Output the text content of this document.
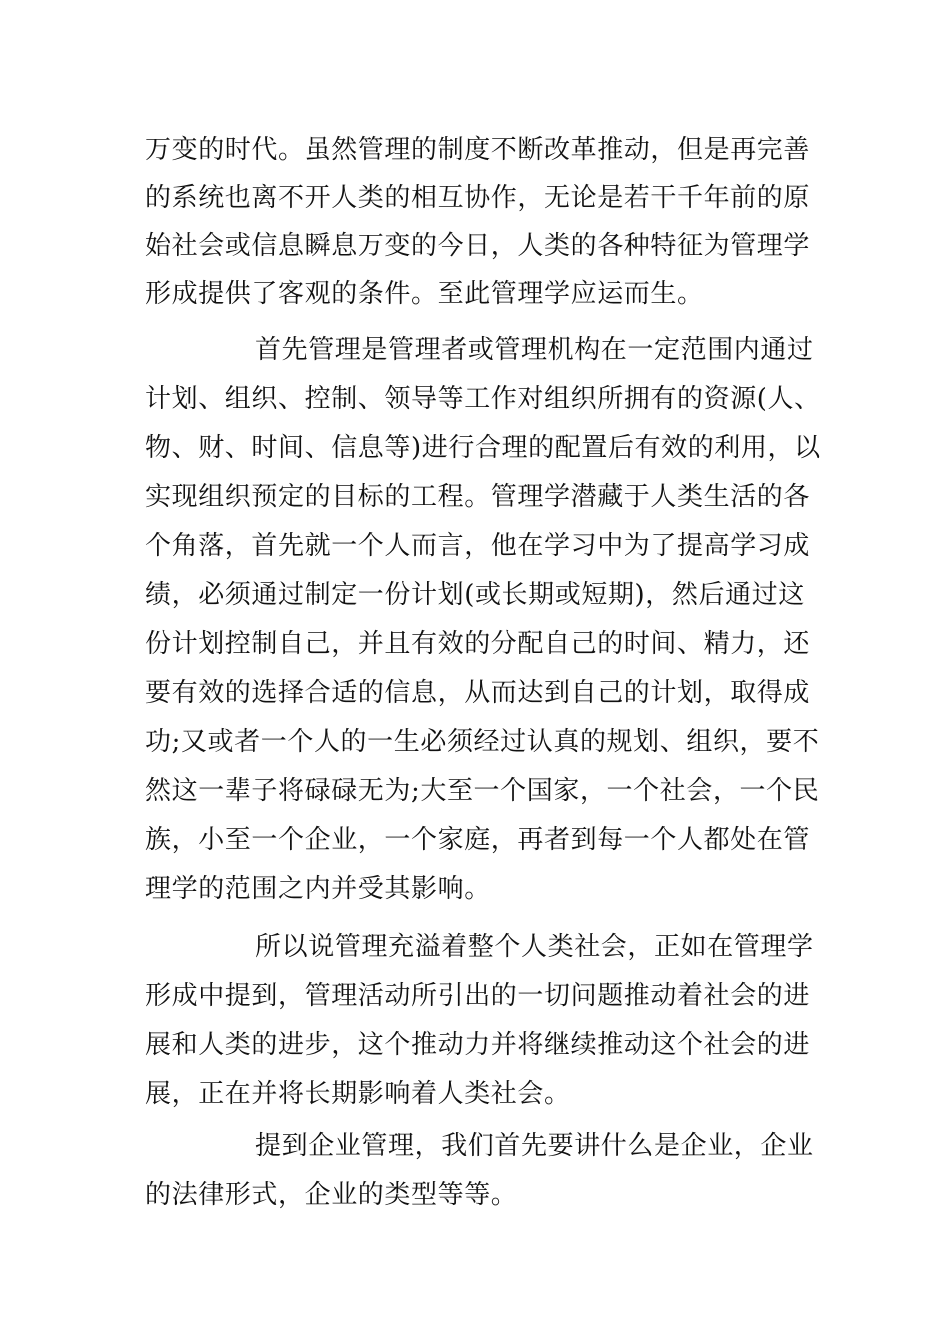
万变的时代。虽然管理的制度不断改革推动，但是再完善
的系统也离不开人类的相互协作，无论是若干千年前的原
始社会或信息瞬息万变的今日，人类的各种特征为管理学
形成提供了客观的条件。至此管理学应运而生。
首先管理是管理者或管理机构在一定范围内通过
计划、组织、控制、领导等工作对组织所拥有的资源(人、
物、财、时间、信息等)进行合理的配置后有效的利用，以
实现组织预定的目标的工程。管理学潜藏于人类生活的各
个角落，首先就一个人而言，他在学习中为了提高学习成
绩，必须通过制定一份计划(或长期或短期)，然后通过这
份计划控制自己，并且有效的分配自己的时间、精力，还
要有效的选择合适的信息，从而达到自己的计划，取得成
功;又或者一个人的一生必须经过认真的规划、组织，要不
然这一辈子将碌碌无为;大至一个国家，一个社会，一个民
族，小至一个企业，一个家庭，再者到每一个人都处在管
理学的范围之内并受其影响。
所以说管理充溢着整个人类社会，正如在管理学
形成中提到，管理活动所引出的一切问题推动着社会的进
展和人类的进步，这个推动力并将继续推动这个社会的进
展，正在并将长期影响着人类社会。
提到企业管理，我们首先要讲什么是企业，企业
的法律形式，企业的类型等等。
